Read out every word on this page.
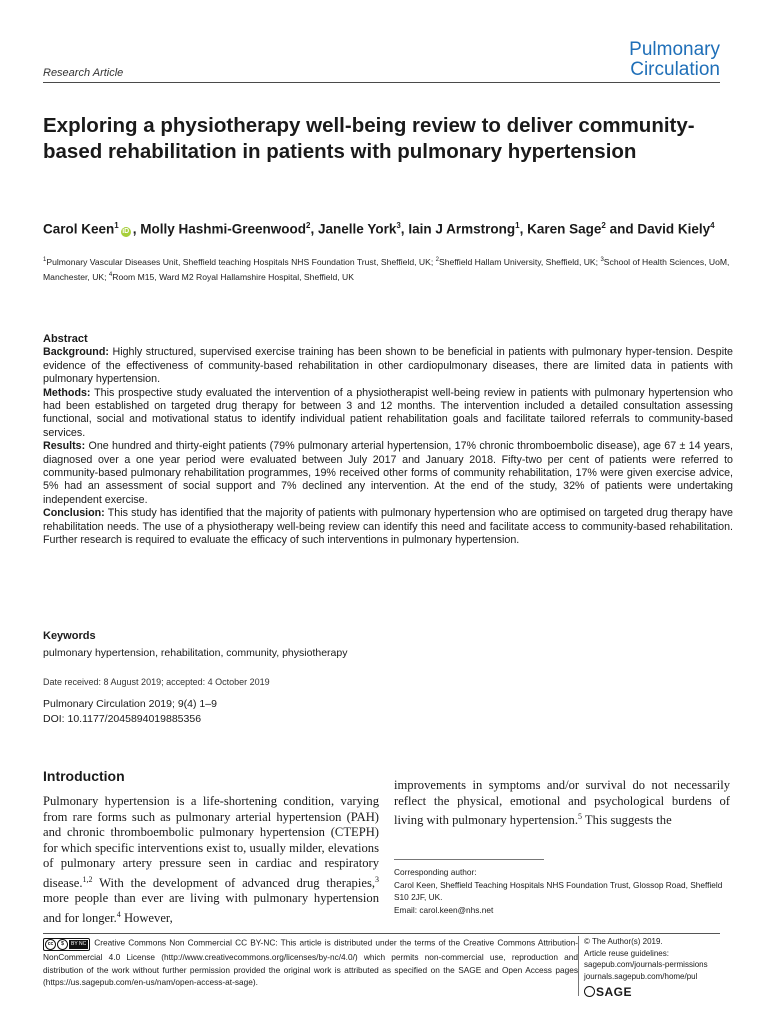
Research Article
Pulmonary
Circulation
Exploring a physiotherapy well-being review to deliver community-based rehabilitation in patients with pulmonary hypertension
Carol Keen$^1$iD , Molly Hashmi-Greenwood$^2$, Janelle York$^3$, Iain J Armstrong$^1$, Karen Sage$^2$ and David Kiely$^4$
$^1$Pulmonary Vascular Diseases Unit, Sheffield teaching Hospitals NHS Foundation Trust, Sheffield, UK; $^2$Sheffield Hallam University, Sheffield, UK; $^3$School of Health Sciences, UoM, Manchester, UK; $^4$Room M15, Ward M2 Royal Hallamshire Hospital, Sheffield, UK
Abstract

Background: Highly structured, supervised exercise training has been shown to be beneficial in patients with pulmonary hyper-tension. Despite evidence of the effectiveness of community-based rehabilitation in other cardiopulmonary diseases, there are limited data in patients with pulmonary hypertension.

Methods: This prospective study evaluated the intervention of a physiotherapist well-being review in patients with pulmonary hypertension who had been established on targeted drug therapy for between 3 and 12 months. The intervention included a detailed consultation assessing functional, social and motivational status to identify individual patient rehabilitation goals and facilitate tailored referrals to community-based services.

Results: One hundred and thirty-eight patients (79% pulmonary arterial hypertension, 17% chronic thromboembolic disease), age 67 ± 14 years, diagnosed over a one year period were evaluated between July 2017 and January 2018. Fifty-two per cent of patients were referred to community-based pulmonary rehabilitation programmes, 19% received other forms of community rehabilitation, 17% were given exercise advice, 5% had an assessment of social support and 7% declined any intervention. At the end of the study, 32% of patients were undertaking independent exercise.

Conclusion: This study has identified that the majority of patients with pulmonary hypertension who are optimised on targeted drug therapy have rehabilitation needs. The use of a physiotherapy well-being review can identify this need and facilitate access to community-based rehabilitation. Further research is required to evaluate the efficacy of such interventions in pulmonary hypertension.

Keywords
pulmonary hypertension, rehabilitation, community, physiotherapy
Date received: 8 August 2019; accepted: 4 October 2019
Pulmonary Circulation 2019; 9(4) 1–9
DOI: 10.1177/2045894019885356
Introduction

Pulmonary hypertension is a life-shortening condition, varying from rare forms such as pulmonary arterial hypertension (PAH) and chronic thromboembolic pulmonary hypertension (CTEPH) for which specific interventions exist to, usually milder, elevations of pulmonary artery pressure seen in cardiac and respiratory disease.$^{1,2}$ With the development of advanced drug therapies,$^3$ more people than ever are living with pulmonary hypertension and for longer.$^4$ However,

improvements in symptoms and/or survival do not necessarily reflect the physical, emotional and psychological burdens of living with pulmonary hypertension.$^5$ This suggests the

Corresponding author:
Carol Keen, Sheffield Teaching Hospitals NHS Foundation Trust, Glossop Road, Sheffield S10 2JF, UK.
Email: carol.keen@nhs.net
cc	$	BY NC Creative Commons Non Commercial CC BY-NC: This article is distributed under the terms of the Creative Commons Attribution-NonCommercial 4.0 License (http://www.creativecommons.org/licenses/by-nc/4.0/) which permits non-commercial use, reproduction and distribution of the work without further permission provided the original work is attributed as specified on the SAGE and Open Access pages (https://us.sagepub.com/en-us/nam/open-access-at-sage).
© The Author(s) 2019.
Article reuse guidelines:
sagepub.com/journals-permissions
journals.sagepub.com/home/pul
SAGE
